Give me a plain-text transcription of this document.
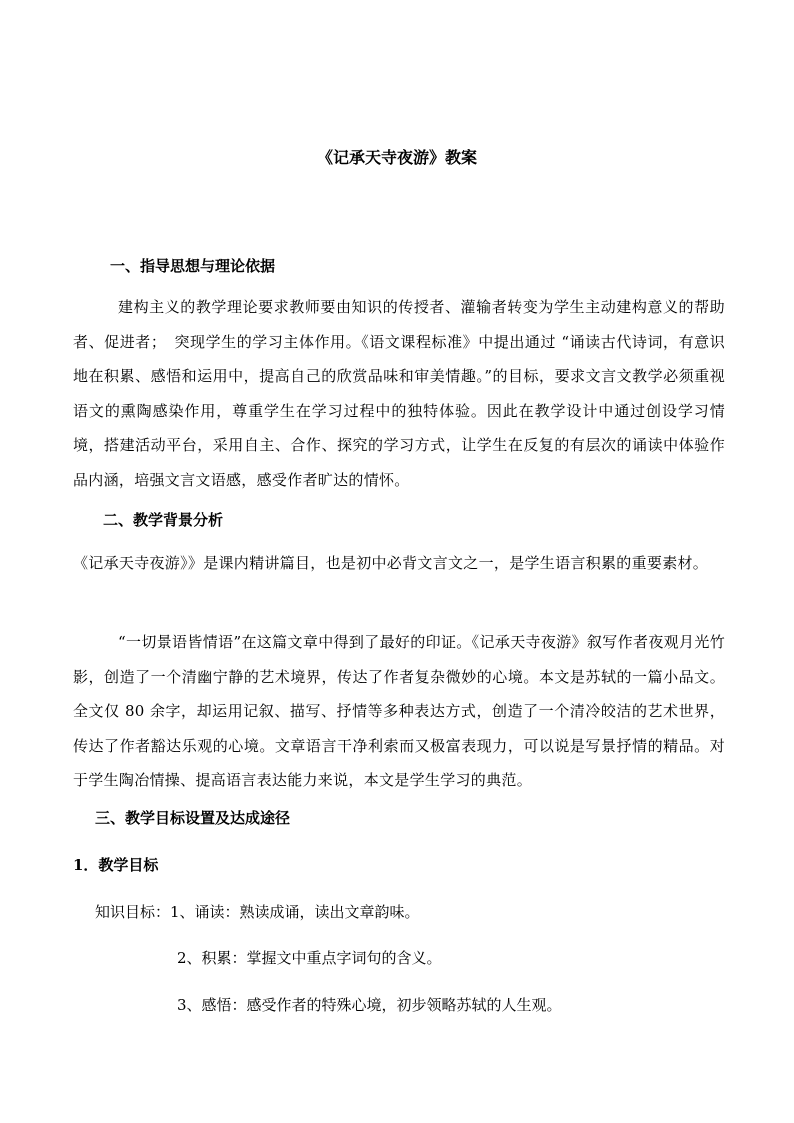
《记承天寺夜游》教案
一、指导思想与理论依据
建构主义的教学理论要求教师要由知识的传授者、灌输者转变为学生主动建构意义的帮助者、促进者；　突现学生的学习主体作用。《语文课程标准》中提出通过 “诵读古代诗词，有意识地在积累、感悟和运用中，提高自己的欣赏品味和审美情趣。”的目标，要求文言文教学必须重视语文的熏陶感染作用，尊重学生在学习过程中的独特体验。因此在教学设计中通过创设学习情境，搭建活动平台，采用自主、合作、探究的学习方式，让学生在反复的有层次的诵读中体验作品内涵，培强文言文语感，感受作者旷达的情怀。
二、教学背景分析
《记承天寺夜游》》是课内精讲篇目，也是初中必背文言文之一，是学生语言积累的重要素材。
“一切景语皆情语”在这篇文章中得到了最好的印证。《记承天寺夜游》叙写作者夜观月光竹影，创造了一个清幽宁静的艺术境界，传达了作者复杂微妙的心境。本文是苏轼的一篇小品文。全文仅 80 余字，却运用记叙、描写、抒情等多种表达方式，创造了一个清冷皎洁的艺术世界，传达了作者豁达乐观的心境。文章语言干净利索而又极富表现力，可以说是写景抒情的精品。对于学生陶冶情操、提高语言表达能力来说，本文是学生学习的典范。
三、教学目标设置及达成途径
1．教学目标
知识目标：1、诵读：熟读成诵，读出文章韵味。
2、积累：掌握文中重点字词句的含义。
3、感悟：感受作者的特殊心境，初步领略苏轼的人生观。
